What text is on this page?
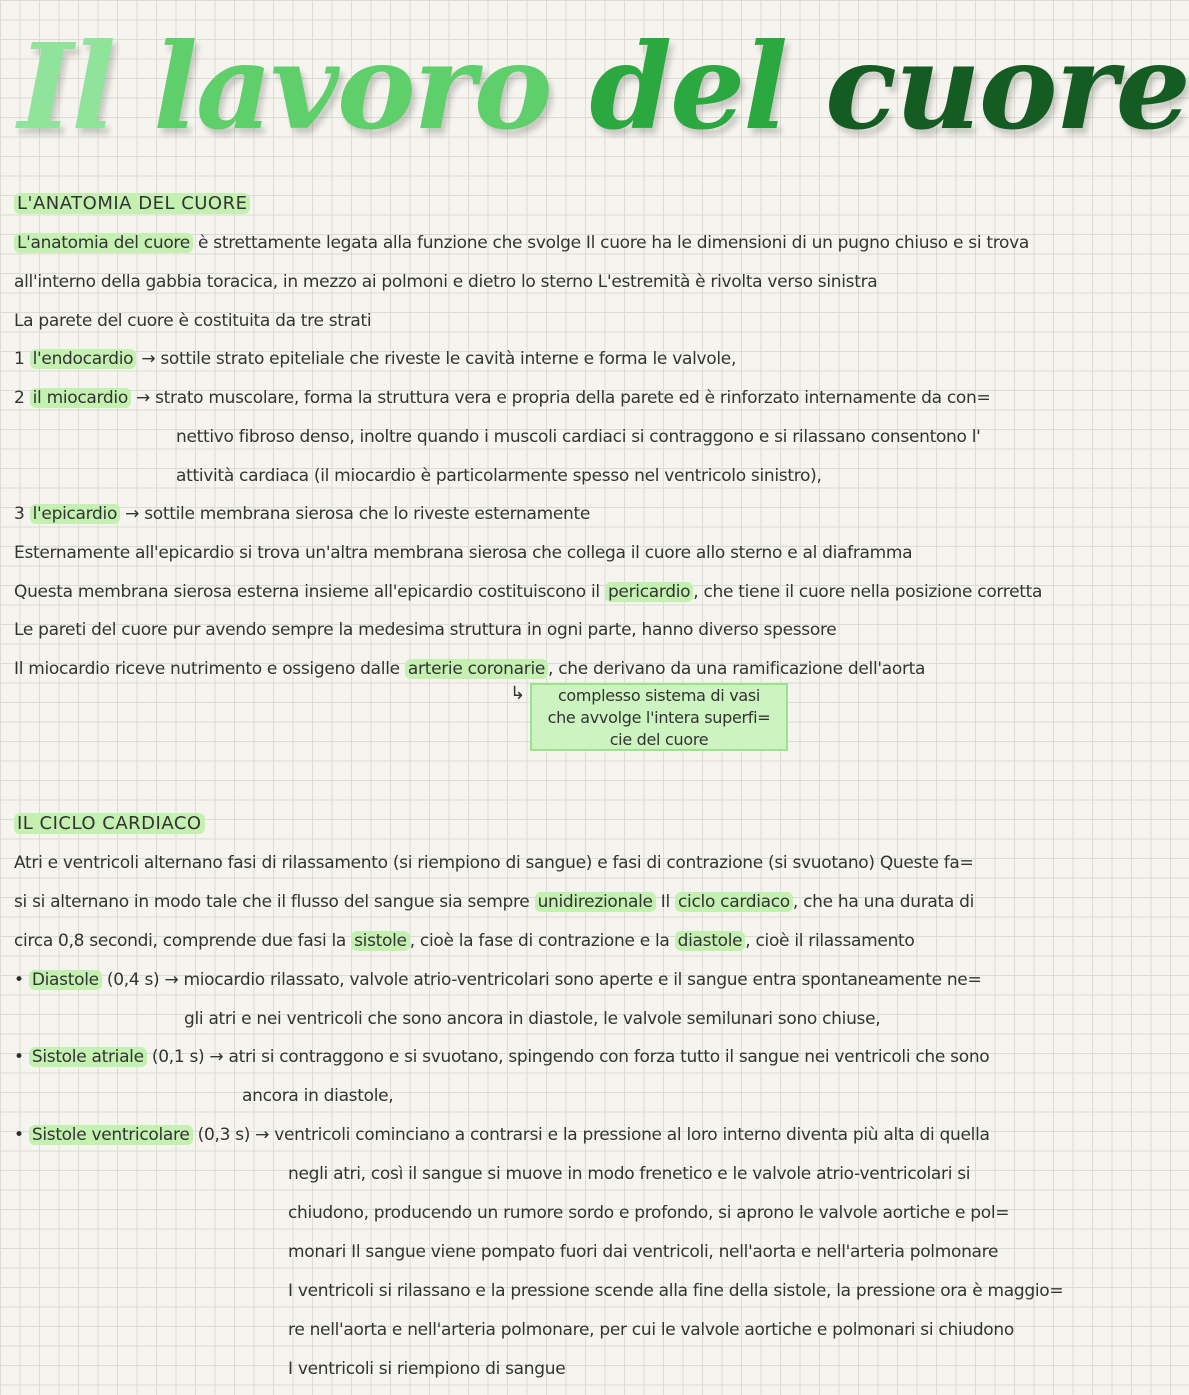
Il lavoro del cuore
L'ANATOMIA DEL CUORE
L'anatomia del cuore è strettamente legata alla funzione che svolge Il cuore ha le dimensioni di un pugno chiuso e si trova
all'interno della gabbia toracica, in mezzo ai polmoni e dietro lo sterno L'estremità è rivolta verso sinistra
La parete del cuore è costituita da tre strati
1 l'endocardio → sottile strato epiteliale che riveste le cavità interne e forma le valvole,
2 il miocardio → strato muscolare, forma la struttura vera e propria della parete ed è rinforzato internamente da con=
nettivo fibroso denso, inoltre quando i muscoli cardiaci si contraggono e si rilassano consentono l'
attività cardiaca (il miocardio è particolarmente spesso nel ventricolo sinistro),
3 l'epicardio → sottile membrana sierosa che lo riveste esternamente
Esternamente all'epicardio si trova un'altra membrana sierosa che collega il cuore allo sterno e al diaframma
Questa membrana sierosa esterna insieme all'epicardio costituiscono il pericardio , che tiene il cuore nella posizione corretta
Le pareti del cuore pur avendo sempre la medesima struttura in ogni parte, hanno diverso spessore
Il miocardio riceve nutrimento e ossigeno dalle arterie coronarie , che derivano da una ramificazione dell'aorta
↳	complesso sistema di vasi
che avvolge l'intera superfi=
cie del cuore
IL CICLO CARDIACO
Atri e ventricoli alternano fasi di rilassamento (si riempiono di sangue) e fasi di contrazione (si svuotano) Queste fa=
si si alternano in modo tale che il flusso del sangue sia sempre unidirezionale Il ciclo cardiaco , che ha una durata di
circa 0,8 secondi, comprende due fasi la sistole , cioè la fase di contrazione e la diastole , cioè il rilassamento
• Diastole (0,4 s) → miocardio rilassato, valvole atrio-ventricolari sono aperte e il sangue entra spontaneamente ne=
gli atri e nei ventricoli che sono ancora in diastole, le valvole semilunari sono chiuse,
• Sistole atriale (0,1 s) → atri si contraggono e si svuotano, spingendo con forza tutto il sangue nei ventricoli che sono
ancora in diastole,
• Sistole ventricolare (0,3 s) → ventricoli cominciano a contrarsi e la pressione al loro interno diventa più alta di quella
negli atri, così il sangue si muove in modo frenetico e le valvole atrio-ventricolari si
chiudono, producendo un rumore sordo e profondo, si aprono le valvole aortiche e pol=
monari Il sangue viene pompato fuori dai ventricoli, nell'aorta e nell'arteria polmonare
I ventricoli si rilassano e la pressione scende alla fine della sistole, la pressione ora è maggio=
re nell'aorta e nell'arteria polmonare, per cui le valvole aortiche e polmonari si chiudono
I ventricoli si riempiono di sangue
